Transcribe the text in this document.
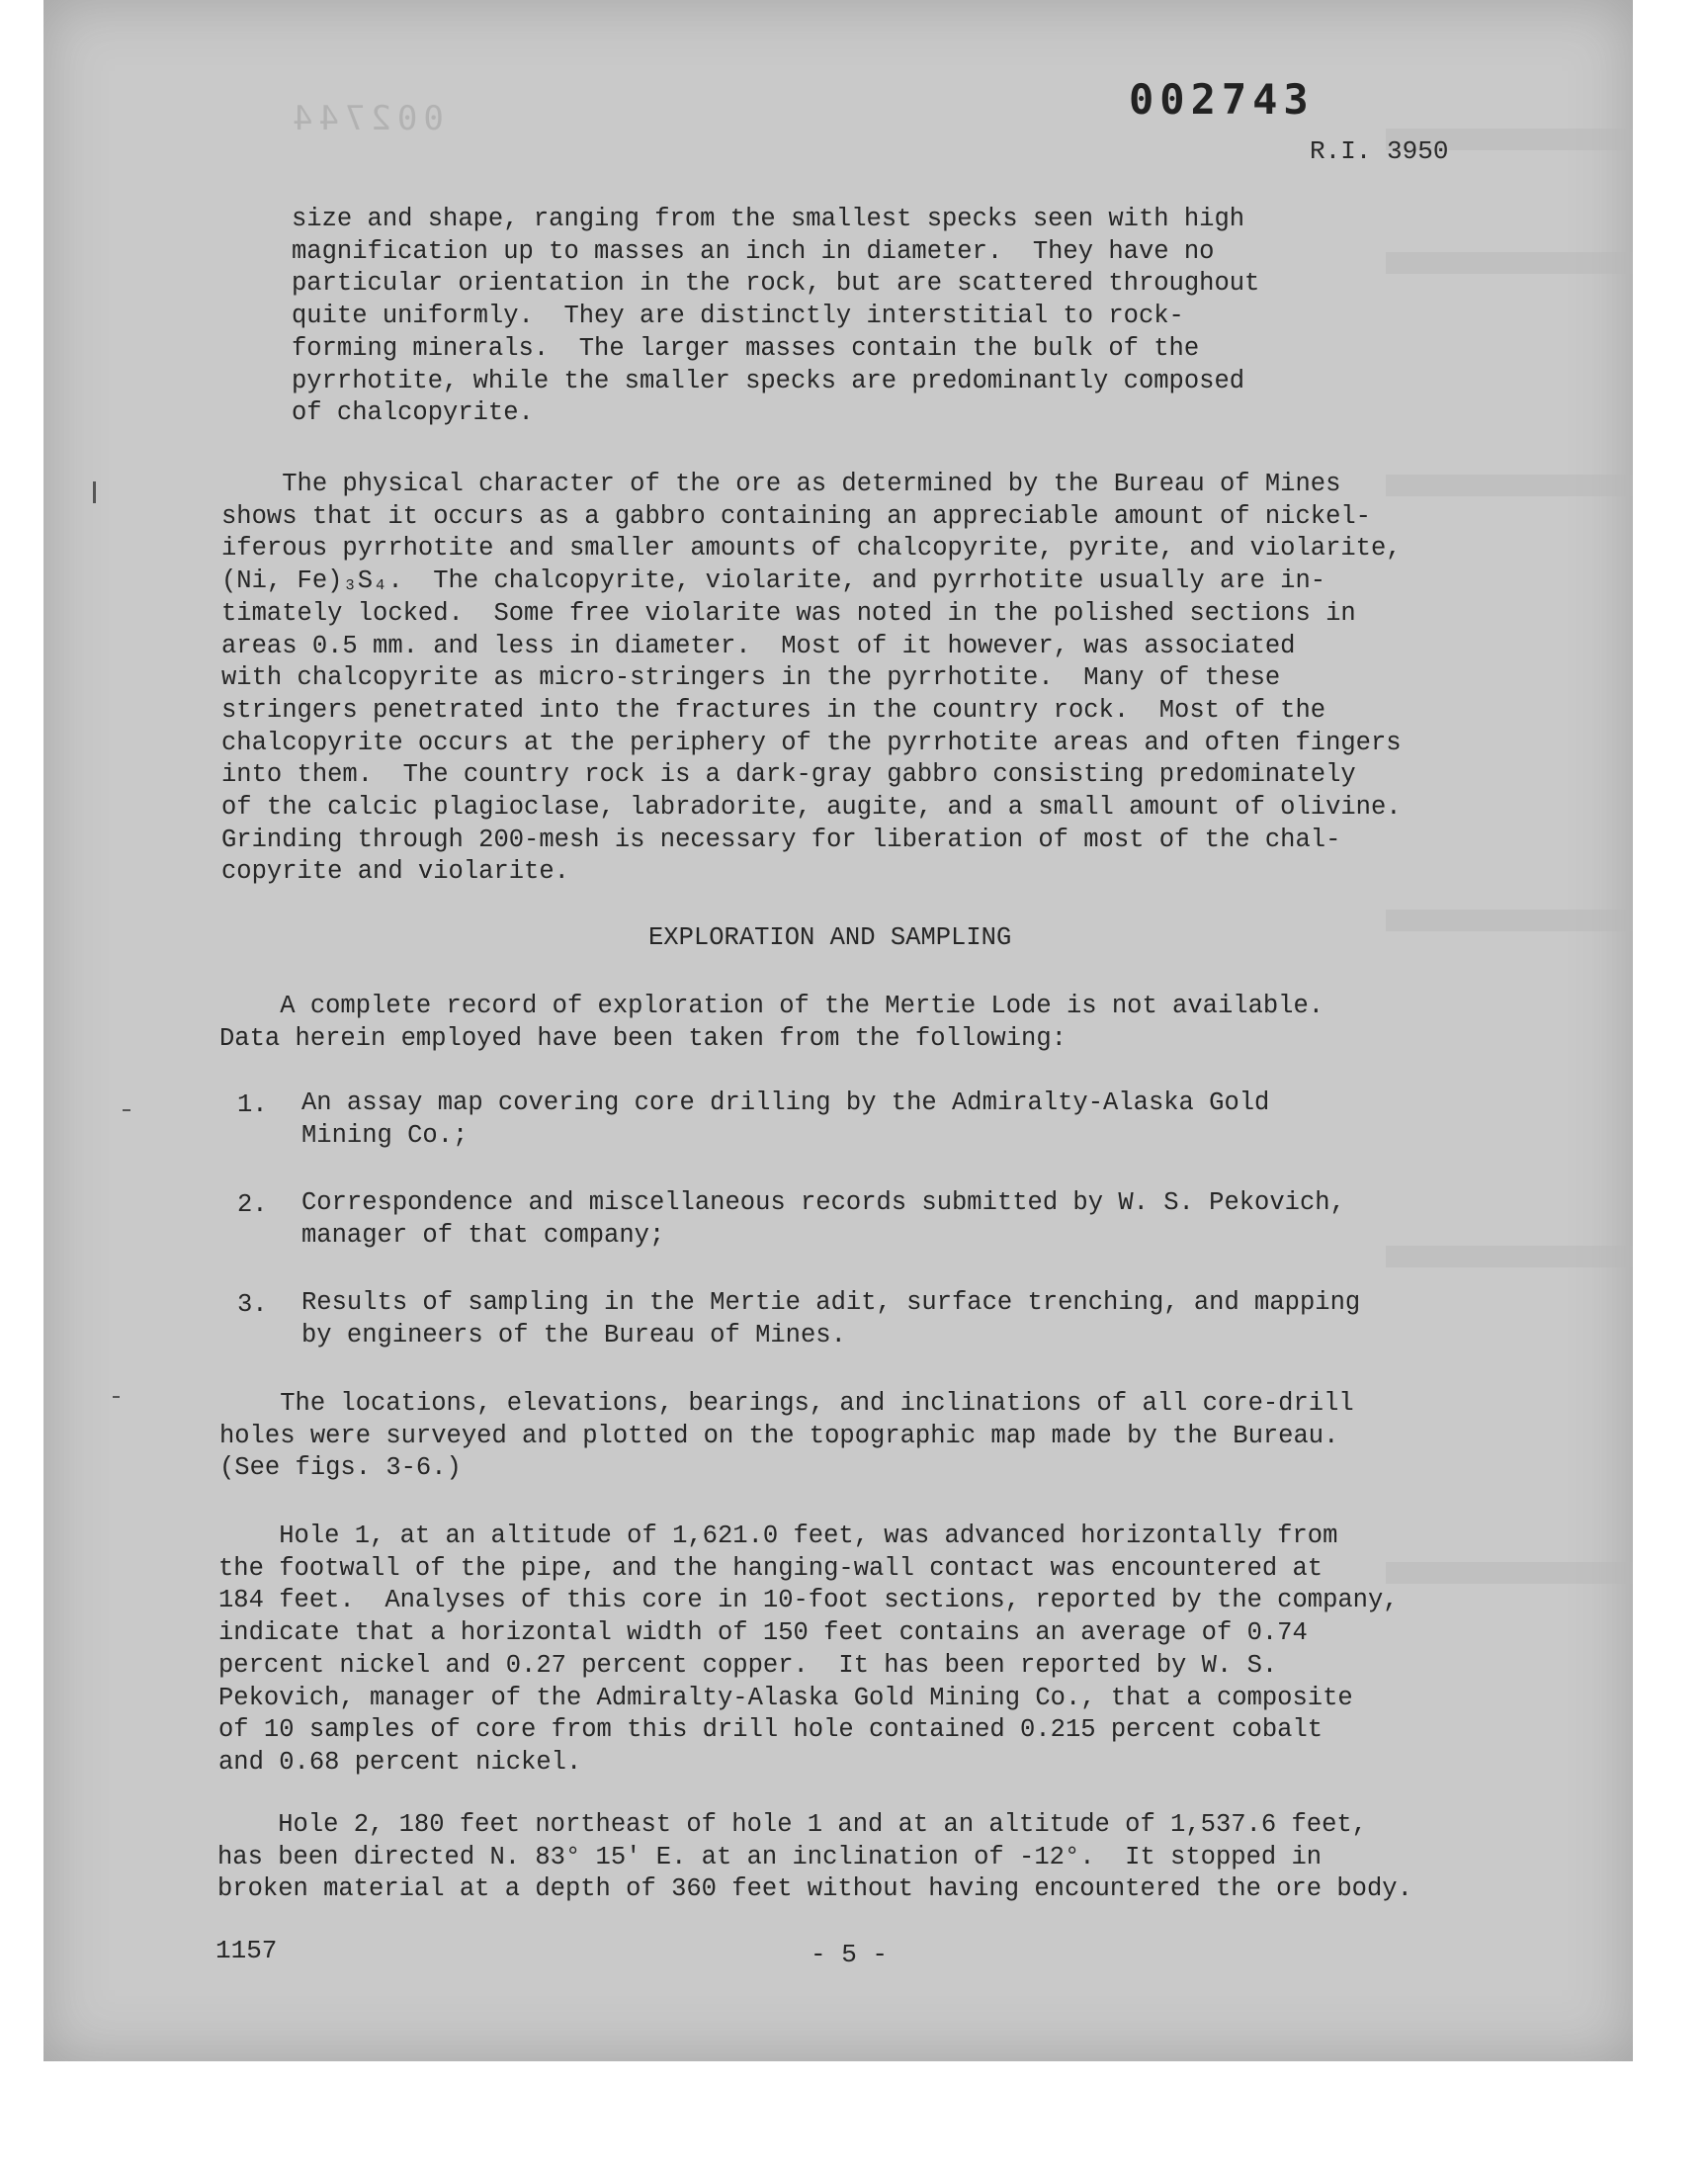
002744	002743
R.I. 3950
size and shape, ranging from the smallest specks seen with high
magnification up to masses an inch in diameter.  They have no
particular orientation in the rock, but are scattered throughout
quite uniformly.  They are distinctly interstitial to rock-
forming minerals.  The larger masses contain the bulk of the
pyrrhotite, while the smaller specks are predominantly composed
of chalcopyrite.
The physical character of the ore as determined by the Bureau of Mines
shows that it occurs as a gabbro containing an appreciable amount of nickel-
iferous pyrrhotite and smaller amounts of chalcopyrite, pyrite, and violarite,
(Ni, Fe)₃S₄.  The chalcopyrite, violarite, and pyrrhotite usually are in-
timately locked.  Some free violarite was noted in the polished sections in
areas 0.5 mm. and less in diameter.  Most of it however, was associated
with chalcopyrite as micro-stringers in the pyrrhotite.  Many of these
stringers penetrated into the fractures in the country rock.  Most of the
chalcopyrite occurs at the periphery of the pyrrhotite areas and often fingers
into them.  The country rock is a dark-gray gabbro consisting predominately
of the calcic plagioclase, labradorite, augite, and a small amount of olivine.
Grinding through 200-mesh is necessary for liberation of most of the chal-
copyrite and violarite.
EXPLORATION AND SAMPLING
A complete record of exploration of the Mertie Lode is not available.
Data herein employed have been taken from the following:
1. An assay map covering core drilling by the Admiralty-Alaska Gold
Mining Co.;
2. Correspondence and miscellaneous records submitted by W. S. Pekovich,
manager of that company;
3. Results of sampling in the Mertie adit, surface trenching, and mapping
by engineers of the Bureau of Mines.
The locations, elevations, bearings, and inclinations of all core-drill
holes were surveyed and plotted on the topographic map made by the Bureau.
(See figs. 3-6.)
Hole 1, at an altitude of 1,621.0 feet, was advanced horizontally from
the footwall of the pipe, and the hanging-wall contact was encountered at
184 feet.  Analyses of this core in 10-foot sections, reported by the company,
indicate that a horizontal width of 150 feet contains an average of 0.74
percent nickel and 0.27 percent copper.  It has been reported by W. S.
Pekovich, manager of the Admiralty-Alaska Gold Mining Co., that a composite
of 10 samples of core from this drill hole contained 0.215 percent cobalt
and 0.68 percent nickel.
Hole 2, 180 feet northeast of hole 1 and at an altitude of 1,537.6 feet,
has been directed N. 83° 15' E. at an inclination of -12°.  It stopped in
broken material at a depth of 360 feet without having encountered the ore body.
1157	- 5 -
